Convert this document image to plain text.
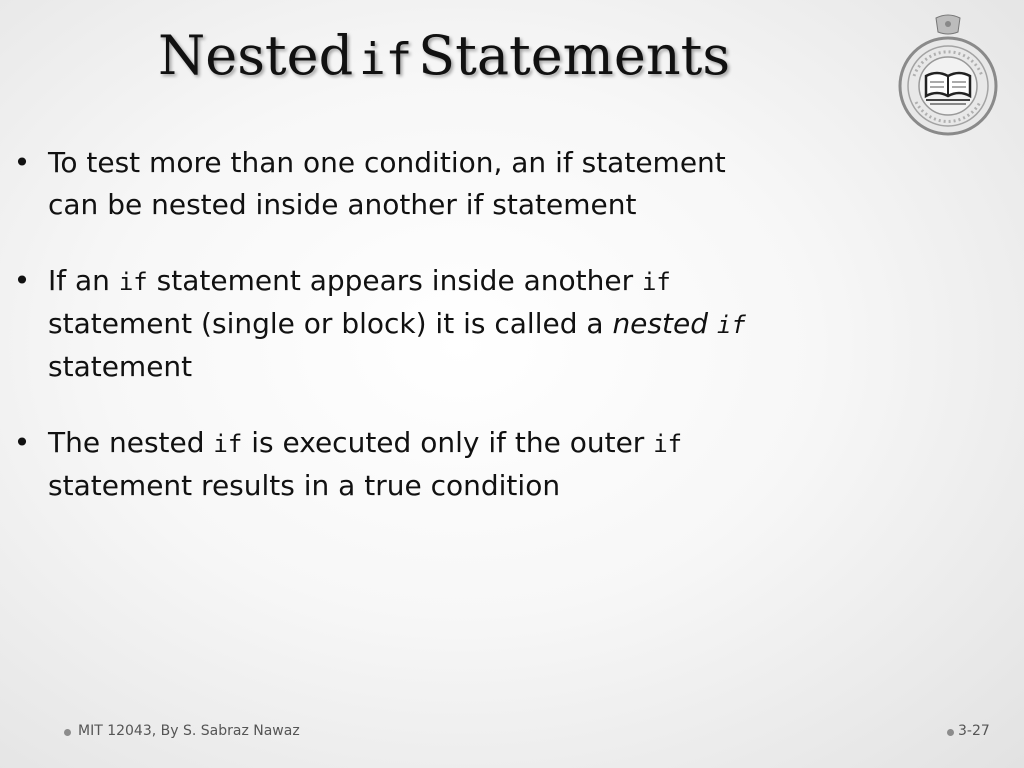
Nested if Statements
• To test more than one condition, an if statement
can be nested inside another if statement
• If an if statement appears inside another if
statement (single or block) it is called a nested if
statement
• The nested if is executed only if the outer if
statement results in a true condition
MIT 12043, By S. Sabraz Nawaz	3-27
